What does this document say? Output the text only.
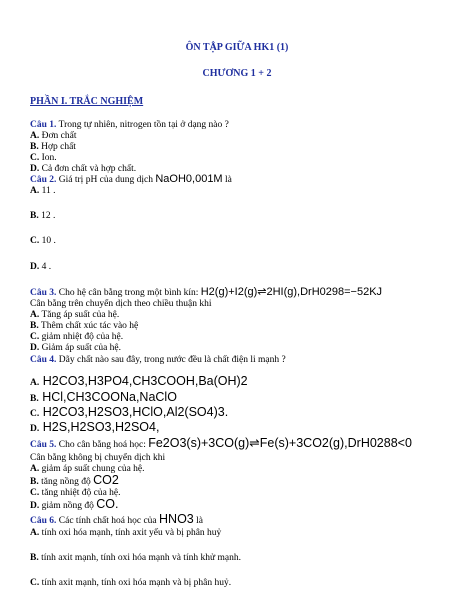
ÔN TẬP GIỮA HK1 (1)
CHƯƠNG 1 + 2
PHẦN I. TRẮC NGHIỆM
Câu 1. Trong tự nhiên, nitrogen tồn tại ở dạng nào ?
A. Đơn chất
B. Hợp chất
C. Ion.
D. Cả đơn chất và hợp chất.
Câu 2. Giá trị pH của dung dịch NaOH0,001M là
A. 11 .
B. 12 .
C. 10 .
D. 4 .
Câu 3. Cho hệ cân bằng trong một bình kín: H2(g)+I2(g)⇌2HI(g),DrH0298=−52KJ
Cân bằng trên chuyển dịch theo chiều thuận khi
A. Tăng áp suất của hệ.
B. Thêm chất xúc tác vào hệ
C. giảm nhiệt độ của hệ.
D. Giảm áp suất của hệ.
Câu 4. Dãy chất nào sau đây, trong nước đều là chất điện li mạnh ?
A. H2CO3,H3PO4,CH3COOH,Ba(OH)2
B. HCl,CH3COONa,NaClO
C. H2CO3,H2SO3,HClO,Al2(SO4)3.
D. H2S,H2SO3,H2SO4,
Câu 5. Cho cân bằng hoá học: Fe2O3(s)+3CO(g)⇌Fe(s)+3CO2(g),DrH0288<0
Cân bằng không bị chuyển dịch khi
A. giảm áp suất chung của hệ.
B. tăng nồng độ CO2
C. tăng nhiệt độ của hệ.
D. giảm nồng độ CO.
Câu 6. Các tính chất hoá học của HNO3 là
A. tính oxi hóa mạnh, tính axit yếu và bị phân huỷ
B. tính axit mạnh, tính oxi hóa mạnh và tính khử mạnh.
C. tính axit mạnh, tính oxi hóa mạnh và bị phân huỷ.
